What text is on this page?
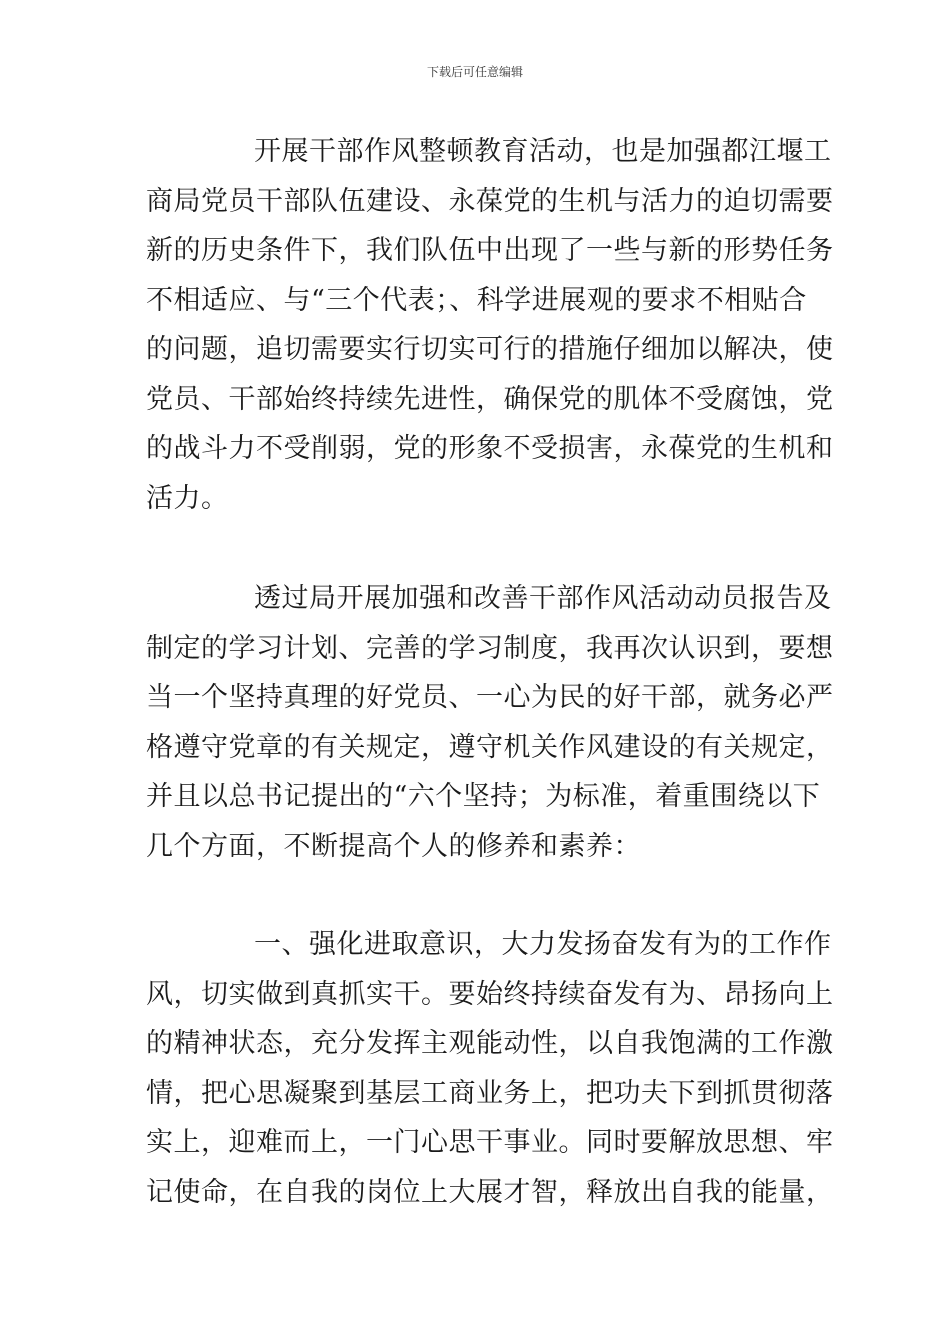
下载后可任意编辑
开展干部作风整顿教育活动，也是加强都江堰工
商局党员干部队伍建设、永葆党的生机与活力的迫切需要
新的历史条件下，我们队伍中出现了一些与新的形势任务
不相适应、与“三个代表；、科学进展观的要求不相贴合
的问题，追切需要实行切实可行的措施仔细加以解决，使
党员、干部始终持续先进性，确保党的肌体不受腐蚀，党
的战斗力不受削弱，党的形象不受损害，永葆党的生机和
活力。
透过局开展加强和改善干部作风活动动员报告及
制定的学习计划、完善的学习制度，我再次认识到，要想
当一个坚持真理的好党员、一心为民的好干部，就务必严
格遵守党章的有关规定，遵守机关作风建设的有关规定，
并且以总书记提出的“六个坚持；为标准，着重围绕以下
几个方面，不断提高个人的修养和素养：
一、强化进取意识，大力发扬奋发有为的工作作
风，切实做到真抓实干。要始终持续奋发有为、昂扬向上
的精神状态，充分发挥主观能动性，以自我饱满的工作激
情，把心思凝聚到基层工商业务上，把功夫下到抓贯彻落
实上，迎难而上，一门心思干事业。同时要解放思想、牢
记使命，在自我的岗位上大展才智，释放出自我的能量，
